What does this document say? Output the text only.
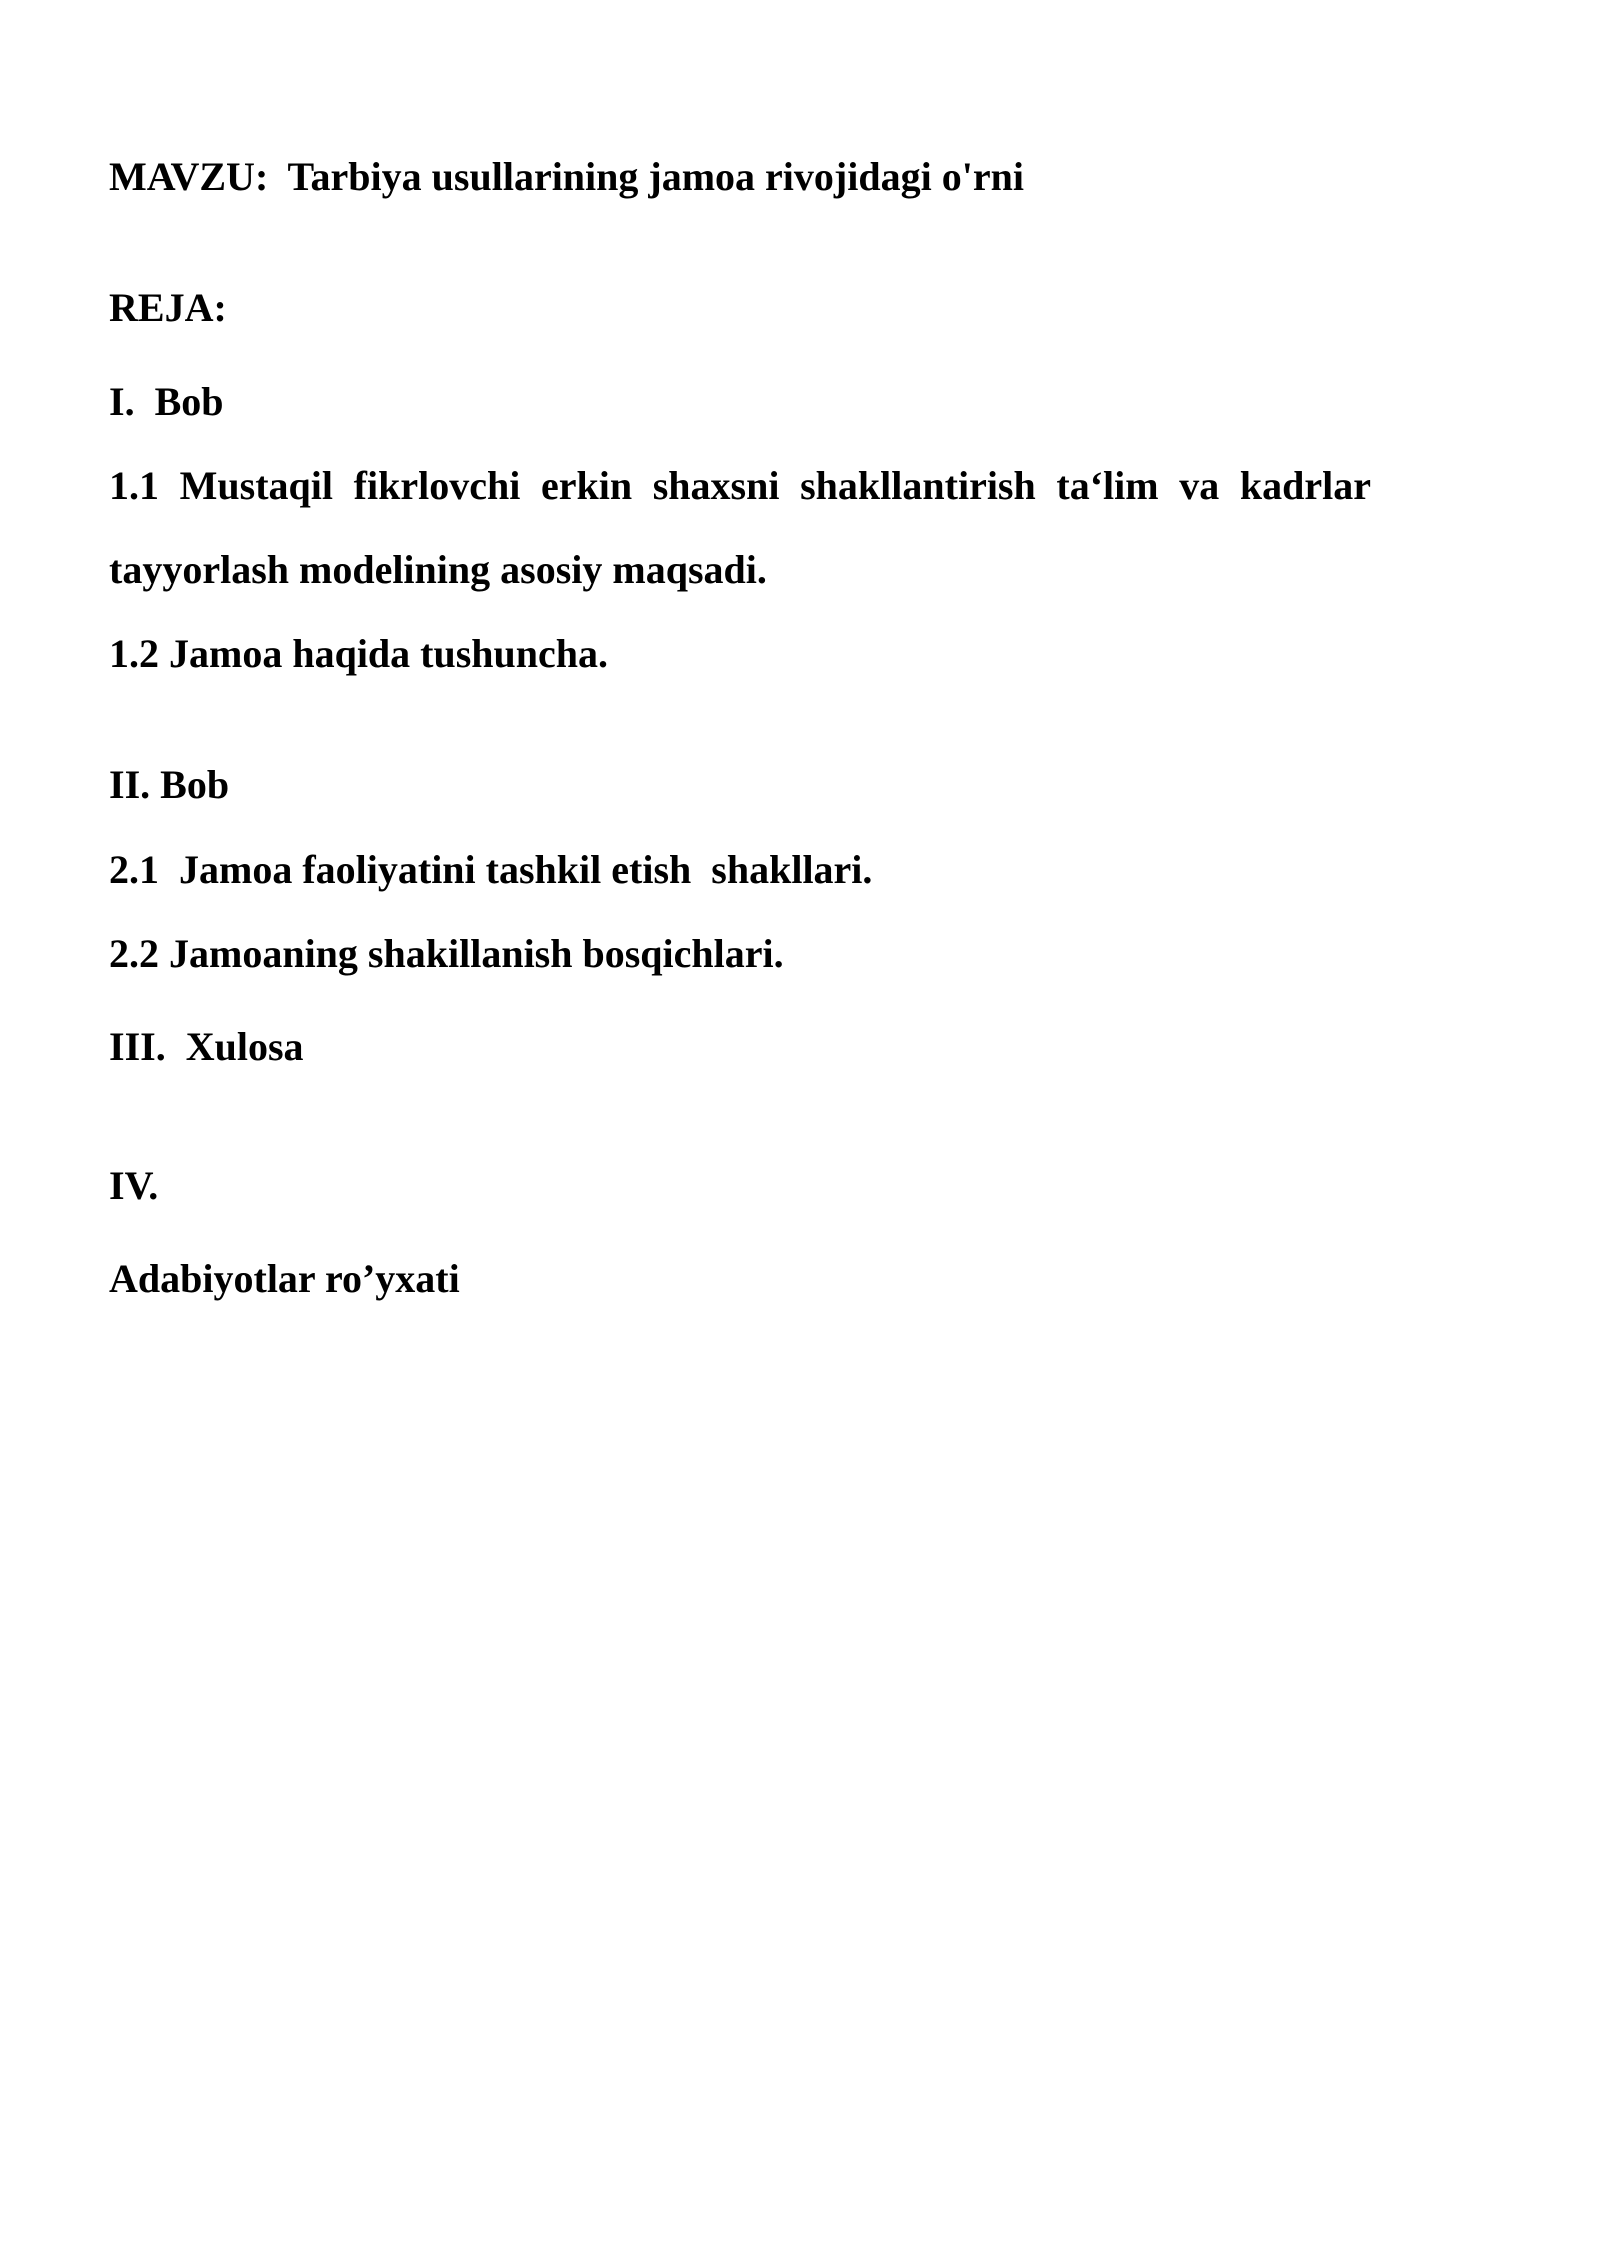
MAVZU:  Tarbiya usullarining jamoa rivojidagi o'rni

REJA:

I.  Bob

1.1 Mustaqil fikrlovchi erkin shaxsni shakllantirish ta‘lim va kadrlar

tayyorlash modelining asosiy maqsadi.

1.2 Jamoa haqida tushuncha.

II. Bob

2.1  Jamoa faoliyatini tashkil etish  shakllari.

2.2 Jamoaning shakillanish bosqichlari.

III.  Xulosa

IV.

Adabiyotlar ro’yxati
